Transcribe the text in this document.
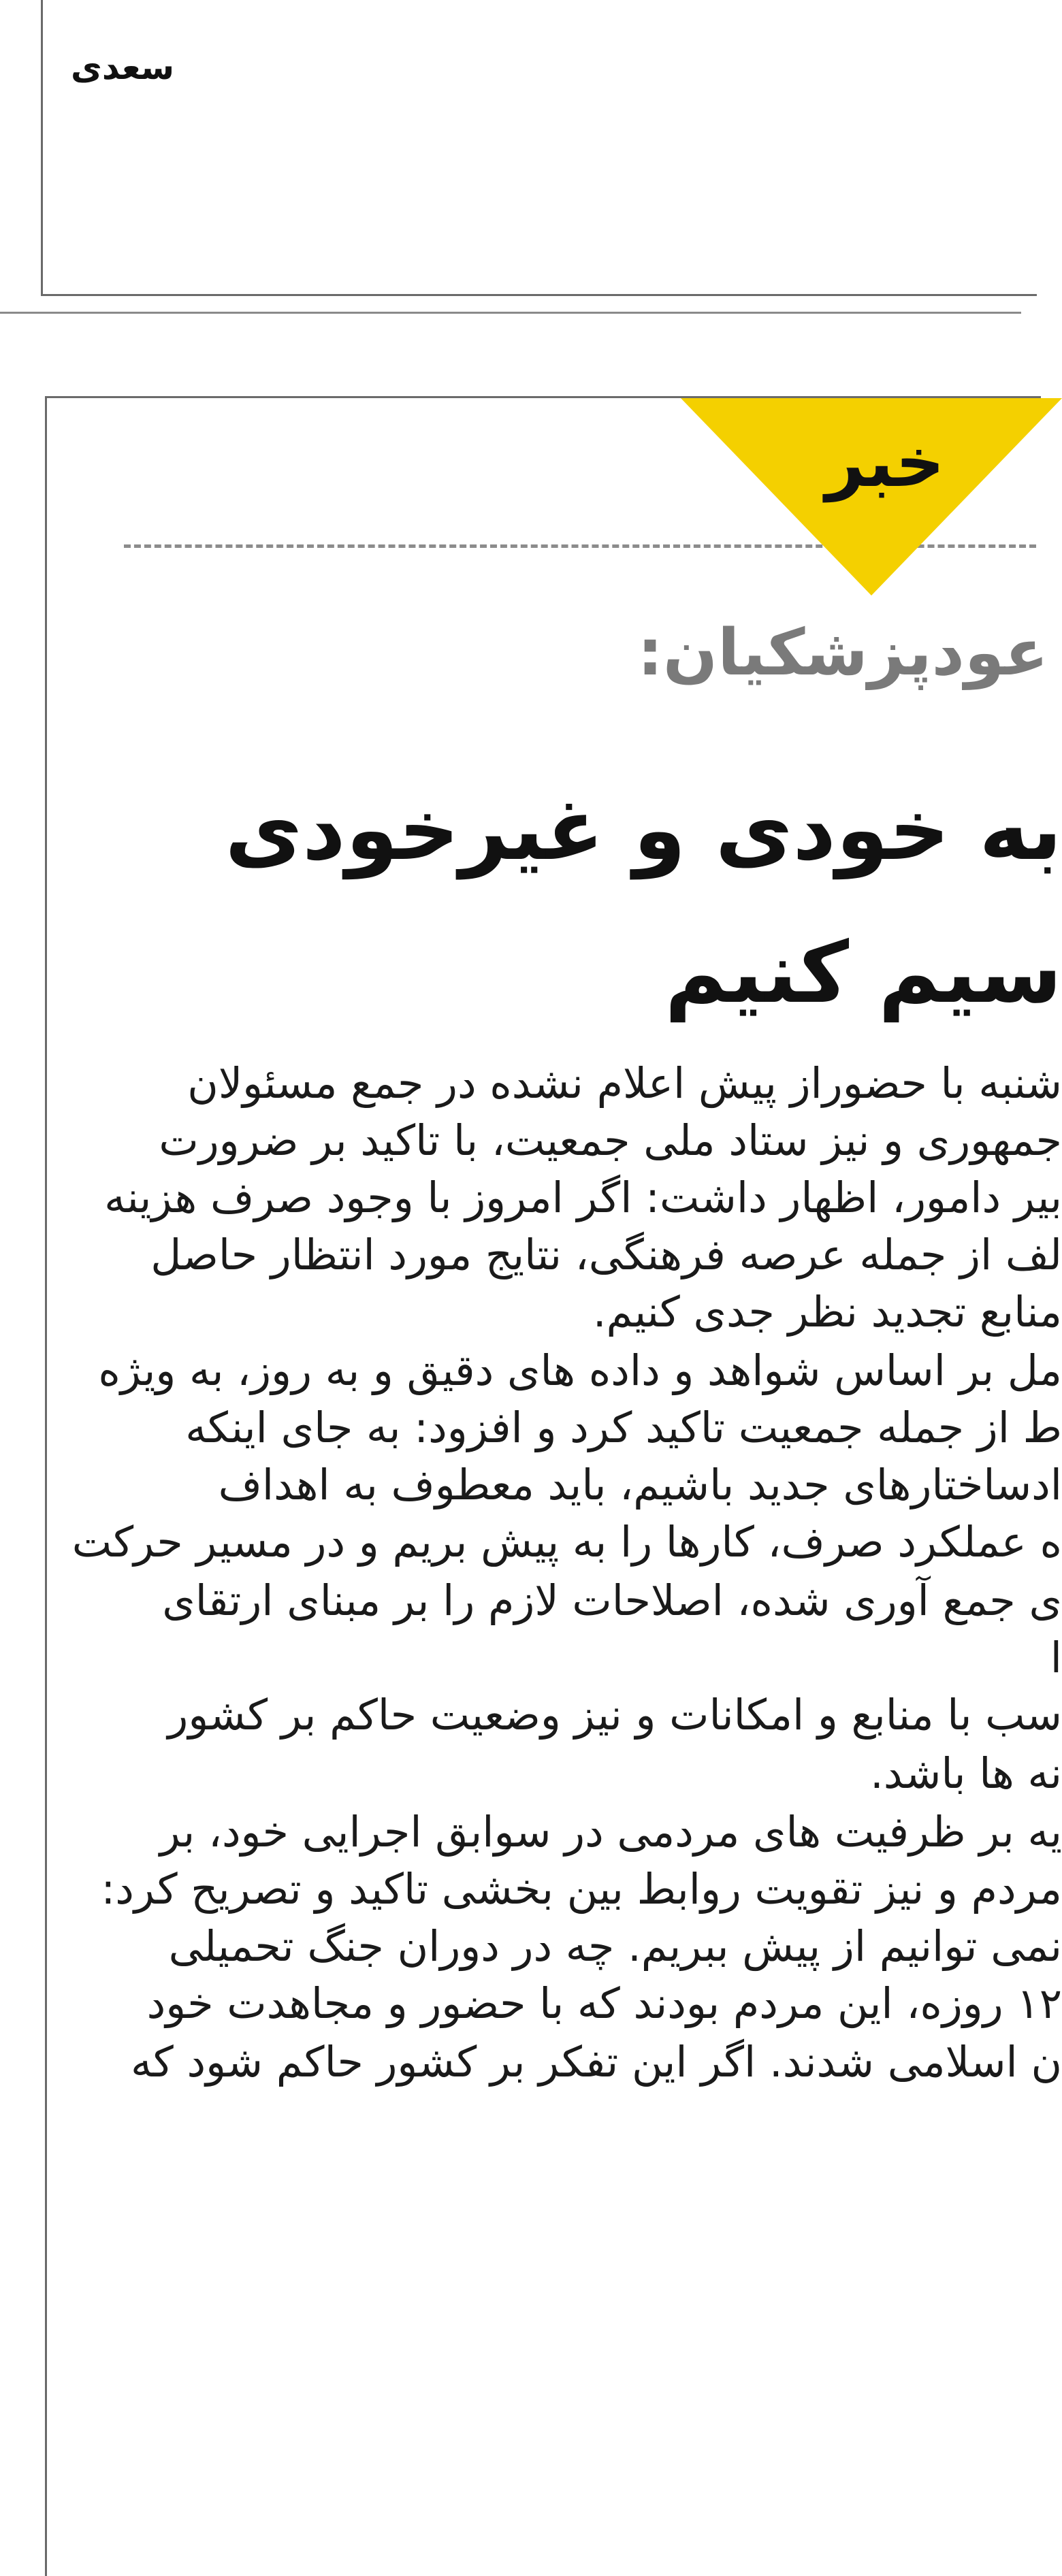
سعدی
خبر
عودپزشکیان:
به خودی و غیرخودی
سیم کنیم
شنبه با حضوراز پیش اعلام نشده در جمع مسئولان
جمهوری و نیز ستاد ملی جمعیت، با تاکید بر ضرورت
بیر دامور، اظهار داشت: اگر امروز با وجود صرف هزینه
لف از جمله عرصه فرهنگی، نتایج مورد انتظار حاصل
منابع تجدید نظر جدی کنیم.
مل بر اساس شواهد و داده های دقیق و به روز، به ویژه
ط از جمله جمعیت تاکید کرد و افزود: به جای اینکه
ادساختارهای جدید باشیم، باید معطوف به اهداف
ه عملکرد صرف، کارها را به پیش بریم و در مسیر حرکت
ی جمع آوری شده، اصلاحات لازم را بر مبنای ارتقای
ا
سب با منابع و امکانات و نیز وضعیت حاکم بر کشور
نه ها باشد.
یه بر ظرفیت های مردمی در سوابق اجرایی خود، بر
مردم و نیز تقویت روابط بین بخشی تاکید و تصریح کرد:
نمی توانیم از پیش ببریم. چه در دوران جنگ تحمیلی
۱۲ روزه، این مردم بودند که با حضور و مجاهدت خود
ن اسلامی شدند. اگر این تفکر بر کشور حاکم شود که
